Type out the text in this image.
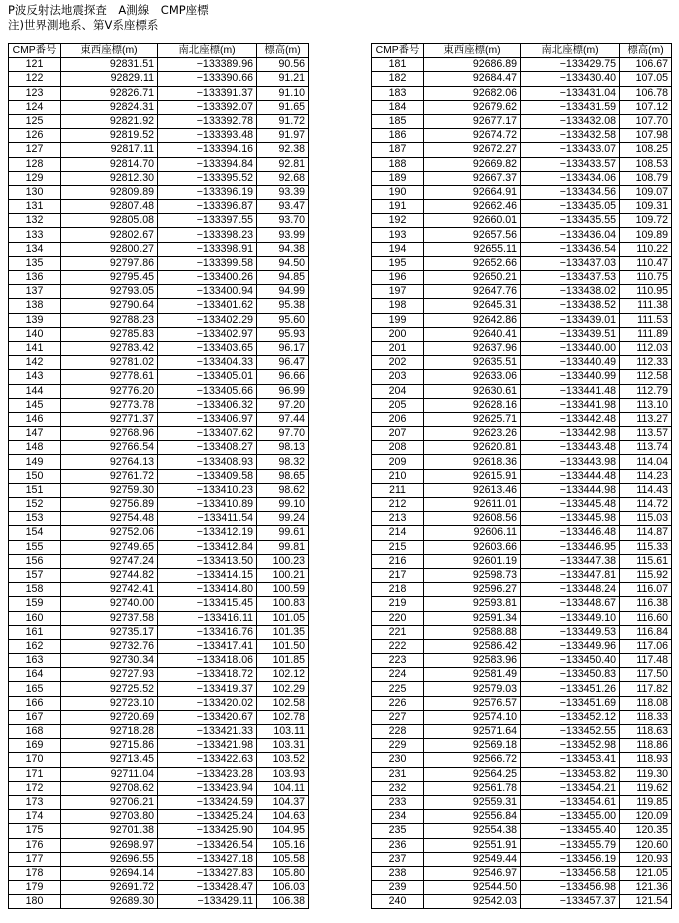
P波反射法地震探査　A測線　CMP座標
注)世界測地系、第Ⅴ系座標系
CMP番号	東西座標(m)	南北座標(m)	標高(m)
121	92831.51	−133389.96	90.56
122	92829.11	−133390.66	91.21
123	92826.71	−133391.37	91.10
124	92824.31	−133392.07	91.65
125	92821.92	−133392.78	91.72
126	92819.52	−133393.48	91.97
127	92817.11	−133394.16	92.38
128	92814.70	−133394.84	92.81
129	92812.30	−133395.52	92.68
130	92809.89	−133396.19	93.39
131	92807.48	−133396.87	93.47
132	92805.08	−133397.55	93.70
133	92802.67	−133398.23	93.99
134	92800.27	−133398.91	94.38
135	92797.86	−133399.58	94.50
136	92795.45	−133400.26	94.85
137	92793.05	−133400.94	94.99
138	92790.64	−133401.62	95.38
139	92788.23	−133402.29	95.60
140	92785.83	−133402.97	95.93
141	92783.42	−133403.65	96.17
142	92781.02	−133404.33	96.47
143	92778.61	−133405.01	96.66
144	92776.20	−133405.66	96.99
145	92773.78	−133406.32	97.20
146	92771.37	−133406.97	97.44
147	92768.96	−133407.62	97.70
148	92766.54	−133408.27	98.13
149	92764.13	−133408.93	98.32
150	92761.72	−133409.58	98.65
151	92759.30	−133410.23	98.62
152	92756.89	−133410.89	99.10
153	92754.48	−133411.54	99.24
154	92752.06	−133412.19	99.61
155	92749.65	−133412.84	99.81
156	92747.24	−133413.50	100.23
157	92744.82	−133414.15	100.21
158	92742.41	−133414.80	100.59
159	92740.00	−133415.45	100.83
160	92737.58	−133416.11	101.05
161	92735.17	−133416.76	101.35
162	92732.76	−133417.41	101.50
163	92730.34	−133418.06	101.85
164	92727.93	−133418.72	102.12
165	92725.52	−133419.37	102.29
166	92723.10	−133420.02	102.58
167	92720.69	−133420.67	102.78
168	92718.28	−133421.33	103.11
169	92715.86	−133421.98	103.31
170	92713.45	−133422.63	103.52
171	92711.04	−133423.28	103.93
172	92708.62	−133423.94	104.11
173	92706.21	−133424.59	104.37
174	92703.80	−133425.24	104.63
175	92701.38	−133425.90	104.95
176	92698.97	−133426.54	105.16
177	92696.55	−133427.18	105.58
178	92694.14	−133427.83	105.80
179	92691.72	−133428.47	106.03
180	92689.30	−133429.11	106.38
CMP番号	東西座標(m)	南北座標(m)	標高(m)
181	92686.89	−133429.75	106.67
182	92684.47	−133430.40	107.05
183	92682.06	−133431.04	106.78
184	92679.62	−133431.59	107.12
185	92677.17	−133432.08	107.70
186	92674.72	−133432.58	107.98
187	92672.27	−133433.07	108.25
188	92669.82	−133433.57	108.53
189	92667.37	−133434.06	108.79
190	92664.91	−133434.56	109.07
191	92662.46	−133435.05	109.31
192	92660.01	−133435.55	109.72
193	92657.56	−133436.04	109.89
194	92655.11	−133436.54	110.22
195	92652.66	−133437.03	110.47
196	92650.21	−133437.53	110.75
197	92647.76	−133438.02	110.95
198	92645.31	−133438.52	111.38
199	92642.86	−133439.01	111.53
200	92640.41	−133439.51	111.89
201	92637.96	−133440.00	112.03
202	92635.51	−133440.49	112.33
203	92633.06	−133440.99	112.58
204	92630.61	−133441.48	112.79
205	92628.16	−133441.98	113.10
206	92625.71	−133442.48	113.27
207	92623.26	−133442.98	113.57
208	92620.81	−133443.48	113.74
209	92618.36	−133443.98	114.04
210	92615.91	−133444.48	114.23
211	92613.46	−133444.98	114.43
212	92611.01	−133445.48	114.72
213	92608.56	−133445.98	115.03
214	92606.11	−133446.48	114.87
215	92603.66	−133446.95	115.33
216	92601.19	−133447.38	115.61
217	92598.73	−133447.81	115.92
218	92596.27	−133448.24	116.07
219	92593.81	−133448.67	116.38
220	92591.34	−133449.10	116.60
221	92588.88	−133449.53	116.84
222	92586.42	−133449.96	117.06
223	92583.96	−133450.40	117.48
224	92581.49	−133450.83	117.50
225	92579.03	−133451.26	117.82
226	92576.57	−133451.69	118.08
227	92574.10	−133452.12	118.33
228	92571.64	−133452.55	118.63
229	92569.18	−133452.98	118.86
230	92566.72	−133453.41	118.93
231	92564.25	−133453.82	119.30
232	92561.78	−133454.21	119.62
233	92559.31	−133454.61	119.85
234	92556.84	−133455.00	120.09
235	92554.38	−133455.40	120.35
236	92551.91	−133455.79	120.60
237	92549.44	−133456.19	120.93
238	92546.97	−133456.58	121.05
239	92544.50	−133456.98	121.36
240	92542.03	−133457.37	121.54
